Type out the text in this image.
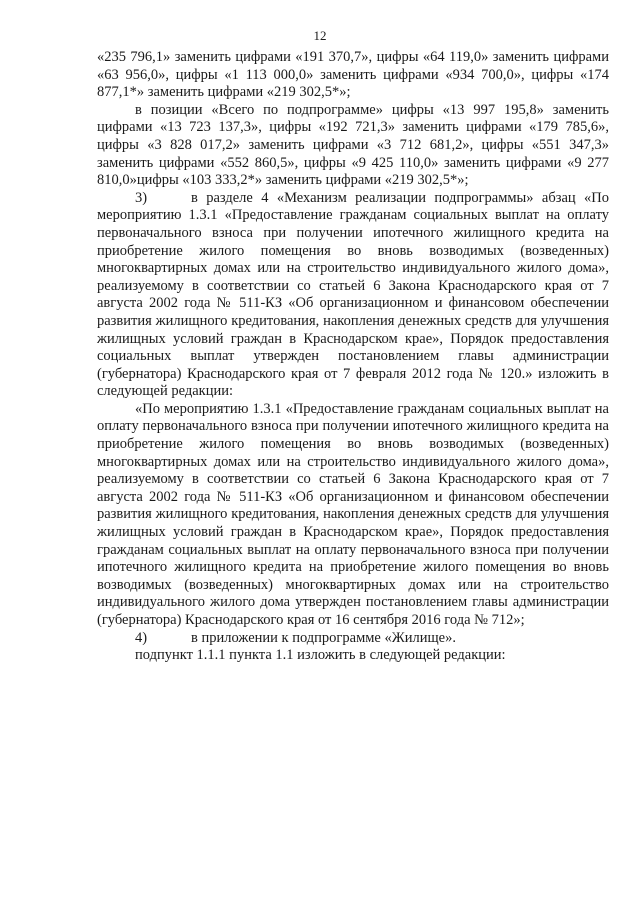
12

«235 796,1» заменить цифрами «191 370,7», цифры «64 119,0» заменить цифрами «63 956,0», цифры «1 113 000,0» заменить цифрами «934 700,0», цифры «174 877,1*» заменить цифрами «219 302,5*»;

в позиции «Всего по подпрограмме» цифры «13 997 195,8» заменить цифрами «13 723 137,3», цифры «192 721,3» заменить цифрами «179 785,6», цифры «3 828 017,2» заменить цифрами «3 712 681,2», цифры «551 347,3» заменить цифрами «552 860,5», цифры «9 425 110,0» заменить цифрами «9 277 810,0»цифры «103 333,2*» заменить цифрами «219 302,5*»;

3)	в разделе 4 «Механизм реализации подпрограммы» абзац «По мероприятию 1.3.1 «Предоставление гражданам социальных выплат на оплату первоначального взноса при получении ипотечного жилищного кредита на приобретение жилого помещения во вновь возводимых (возведенных) многоквартирных домах или на строительство индивидуального жилого дома», реализуемому в соответствии со статьей 6 Закона Краснодарского края от 7 августа 2002 года № 511-КЗ «Об организационном и финансовом обеспечении развития жилищного кредитования, накопления денежных средств для улучшения жилищных условий граждан в Краснодарском крае», Порядок предоставления социальных выплат утвержден постановлением главы администрации (губернатора) Краснодарского края от 7 февраля 2012 года № 120.» изложить в следующей редакции:

«По мероприятию 1.3.1 «Предоставление гражданам социальных выплат на оплату первоначального взноса при получении ипотечного жилищного кредита на приобретение жилого помещения во вновь возводимых (возведенных) многоквартирных домах или на строительство индивидуального жилого дома», реализуемому в соответствии со статьей 6 Закона Краснодарского края от 7 августа 2002 года № 511-КЗ «Об организационном и финансовом обеспечении развития жилищного кредитования, накопления денежных средств для улучшения жилищных условий граждан в Краснодарском крае», Порядок предоставления гражданам социальных выплат на оплату первоначального взноса при получении ипотечного жилищного кредита на приобретение жилого помещения во вновь возводимых (возведенных) многоквартирных домах или на строительство индивидуального жилого дома утвержден постановлением главы администрации (губернатора) Краснодарского края от 16 сентября 2016 года № 712»;

4)	в приложении к подпрограмме «Жилище».

подпункт 1.1.1 пункта 1.1 изложить в следующей редакции:
